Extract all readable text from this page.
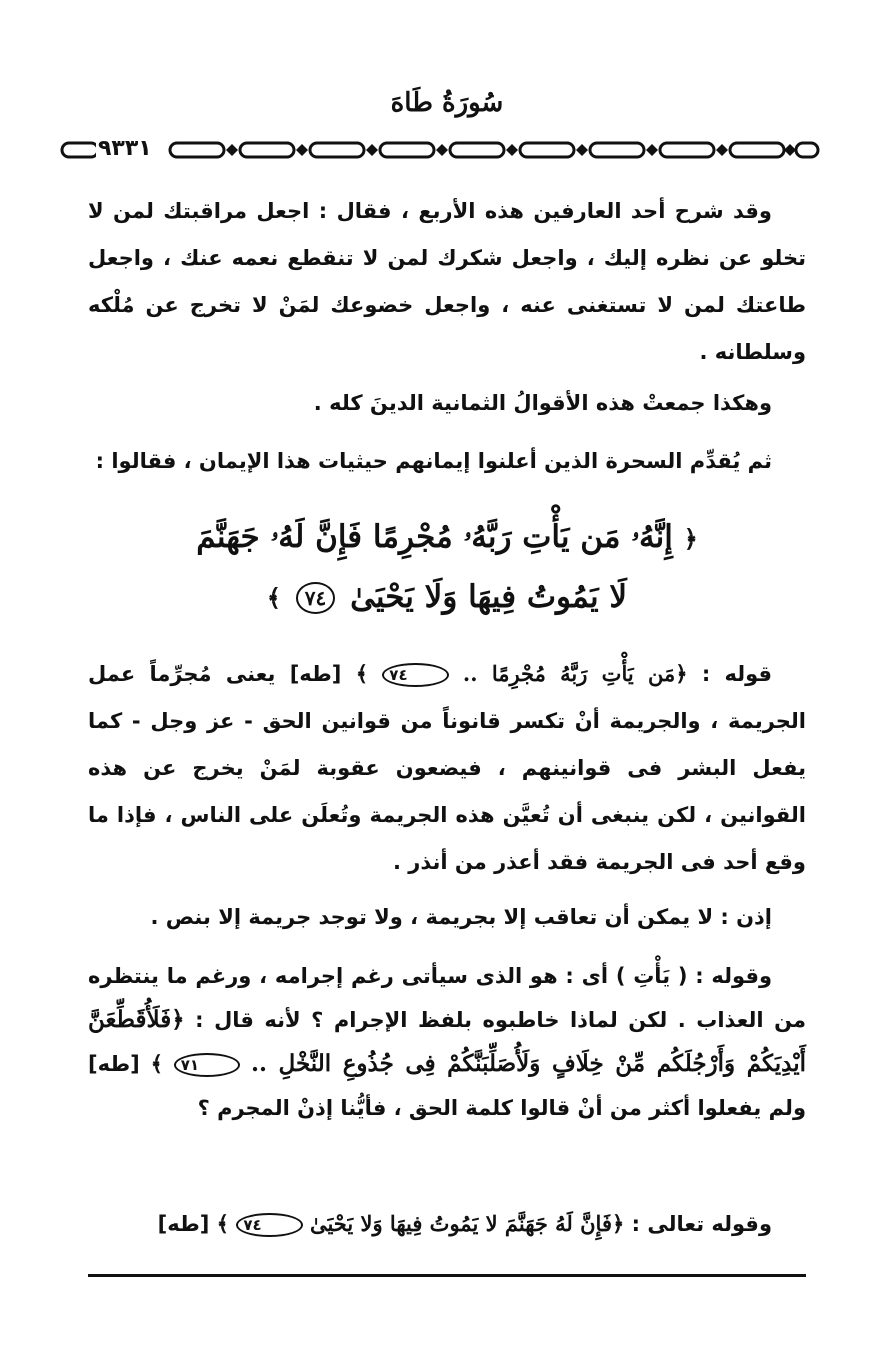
سُورَةُ طَاهَ
٩٣٣١

وقد شرح أحد العارفين هذه الأربع ، فقال : اجعل مراقبتك لمن لا تخلو عن نظره إليك ، واجعل شكرك لمن لا تنقطع نعمه عنك ، واجعل طاعتك لمن لا تستغنى عنه ، واجعل خضوعك لمَنْ لا تخرج عن مُلْكه وسلطانه .

وهكذا جمعتْ هذه الأقوالُ الثمانية الدينَ كله .

ثم يُقدِّم السحرة الذين أعلنوا إيمانهم حيثيات هذا الإيمان ، فقالوا :

﴿ إِنَّهُۥ مَن يَأْتِ رَبَّهُۥ مُجْرِمًا فَإِنَّ لَهُۥ جَهَنَّمَ
لَا يَمُوتُ فِيهَا وَلَا يَحْيَىٰ ٧٤ ﴾

قوله : ﴿مَن يَأْتِ رَبَّهُ مُجْرِمًا .. ٧٤ ﴾ [طه] يعنى مُجرِّماً عمل الجريمة ، والجريمة أنْ تكسر قانوناً من قوانين الحق - عز وجل - كما يفعل البشر فى قوانينهم ، فيضعون عقوبة لمَنْ يخرج عن هذه القوانين ، لكن ينبغى أن تُعيَّن هذه الجريمة وتُعلَن على الناس ، فإذا ما وقع أحد فى الجريمة فقد أعذر من أنذر .

إذن : لا يمكن أن تعاقب إلا بجريمة ، ولا توجد جريمة إلا بنص .

وقوله : ( يَأْتِ ) أى : هو الذى سيأتى رغم إجرامه ، ورغم ما ينتظره من العذاب . لكن لماذا خاطبوه بلفظ الإجرام ؟ لأنه قال : ﴿فَلَأُقَطِّعَنَّ أَيْدِيَكُمْ وَأَرْجُلَكُم مِّنْ خِلَافٍ وَلَأُصَلِّبَنَّكُمْ فِى جُذُوعِ النَّخْلِ .. ٧١ ﴾ [طه] ولم يفعلوا أكثر من أنْ قالوا كلمة الحق ، فأيُّنا إذنْ المجرم ؟

وقوله تعالى : ﴿فَإِنَّ لَهُ جَهَنَّمَ لا يَمُوتُ فِيهَا وَلا يَحْيَىٰ ٧٤ ﴾ [طه]
